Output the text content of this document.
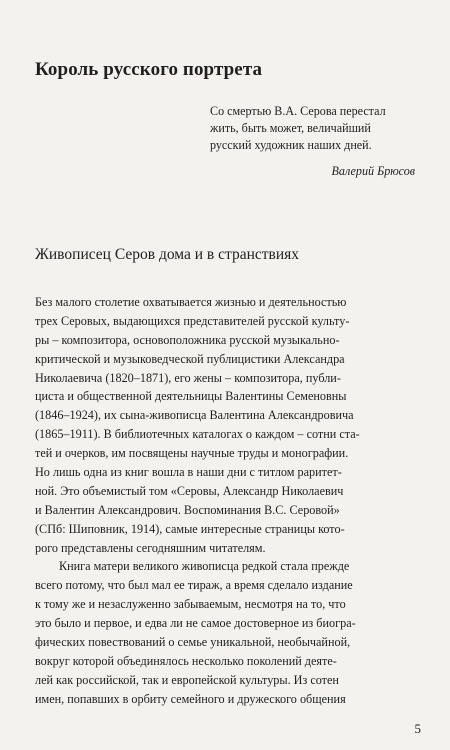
Король русского портрета
Со смертью В.А. Серова перестал
жить, быть может, величайший
русский художник наших дней.
Валерий Брюсов
Живописец Серов дома и в странствиях
Без малого столетие охватывается жизнью и деятельностью
трех Серовых, выдающихся представителей русской культу-
ры – композитора, основоположника русской музыкально-
критической и музыковедческой публицистики Александра
Николаевича (1820–1871), его жены – композитора, публи-
циста и общественной деятельницы Валентины Семеновны
(1846–1924), их сына-живописца Валентина Александровича
(1865–1911). В библиотечных каталогах о каждом – сотни ста-
тей и очерков, им посвящены научные труды и монографии.
Но лишь одна из книг вошла в наши дни с титлом раритет-
ной. Это объемистый том «Серовы, Александр Николаевич
и Валентин Александрович. Воспоминания В.С. Серовой»
(СПб: Шиповник, 1914), самые интересные страницы кото-
рого представлены сегодняшним читателям.
Книга матери великого живописца редкой стала прежде
всего потому, что был мал ее тираж, а время сделало издание
к тому же и незаслуженно забываемым, несмотря на то, что
это было и первое, и едва ли не самое достоверное из биогра-
фических повествований о семье уникальной, необычайной,
вокруг которой объединялось несколько поколений деяте-
лей как российской, так и европейской культуры. Из сотен
имен, попавших в орбиту семейного и дружеского общения
5
